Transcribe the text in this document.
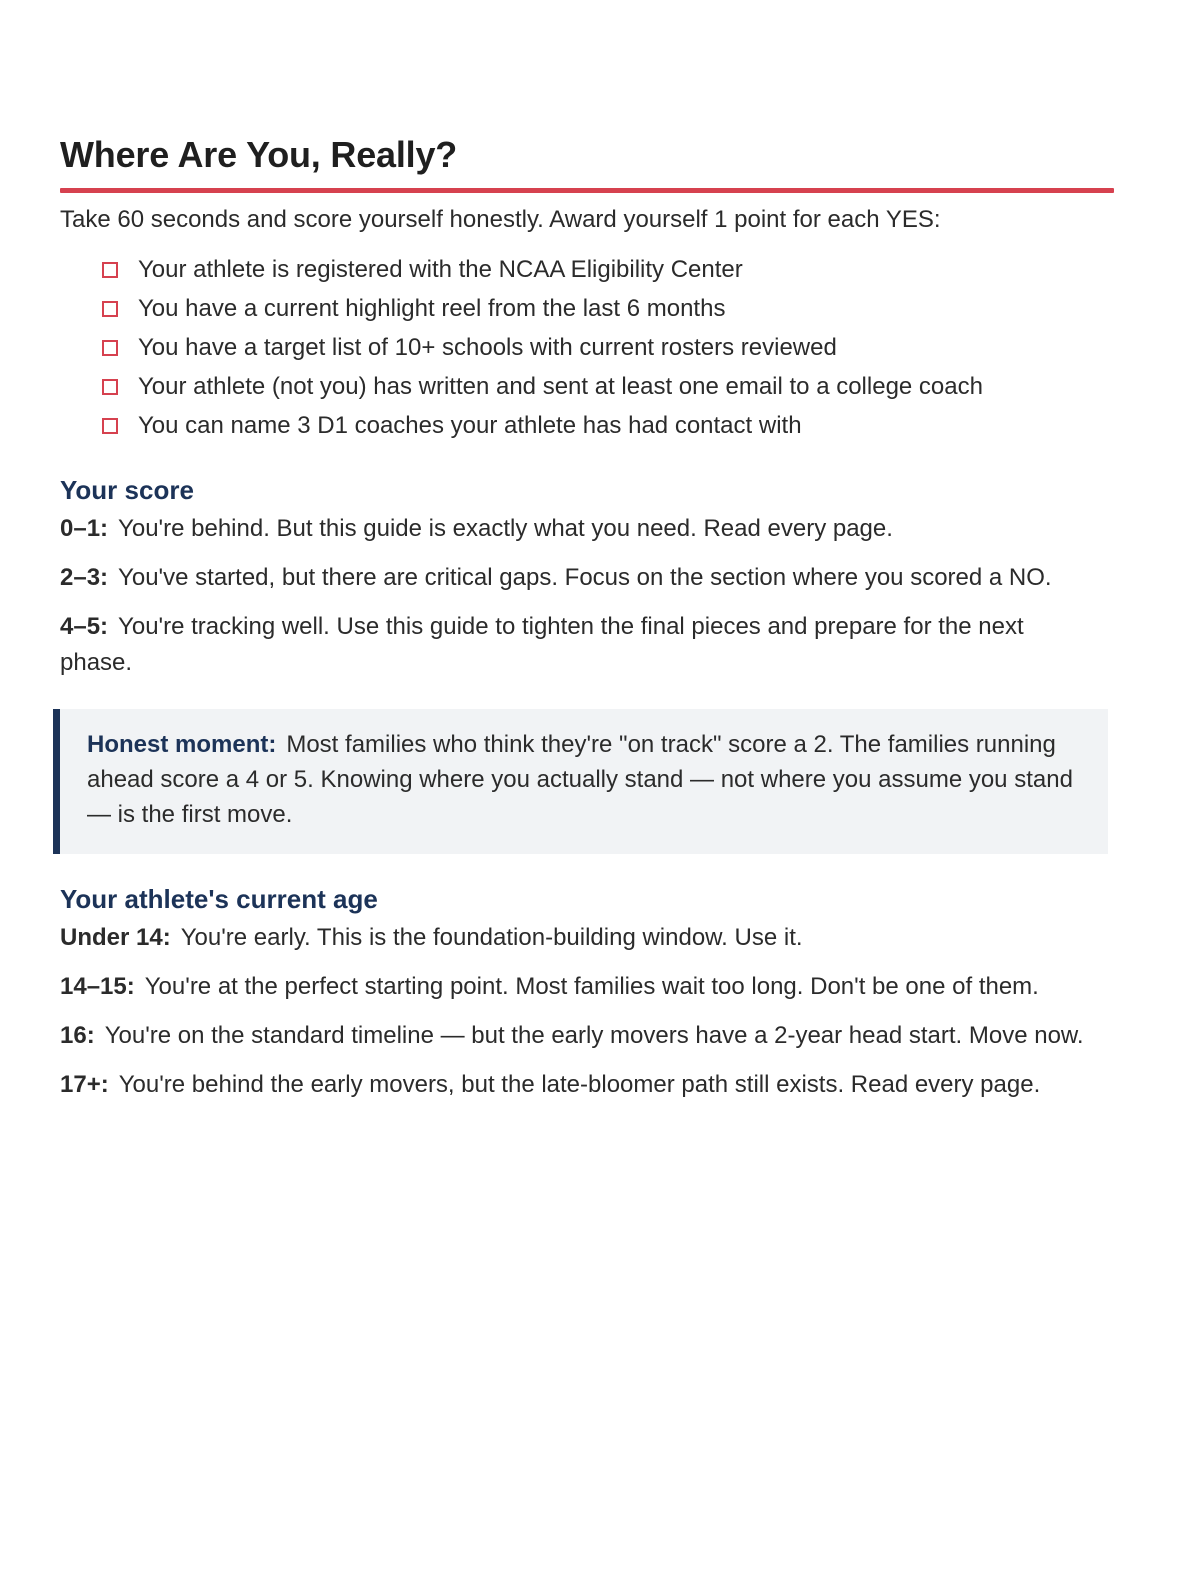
Where Are You, Really?
Take 60 seconds and score yourself honestly. Award yourself 1 point for each YES:
Your athlete is registered with the NCAA Eligibility Center
You have a current highlight reel from the last 6 months
You have a target list of 10+ schools with current rosters reviewed
Your athlete (not you) has written and sent at least one email to a college coach
You can name 3 D1 coaches your athlete has had contact with
Your score

0–1: You're behind. But this guide is exactly what you need. Read every page.

2–3: You've started, but there are critical gaps. Focus on the section where you scored a NO.

4–5: You're tracking well. Use this guide to tighten the final pieces and prepare for the next phase.

Honest moment: Most families who think they're "on track" score a 2. The families running ahead score a 4 or 5. Knowing where you actually stand — not where you assume you stand — is the first move.
Your athlete's current age

Under 14: You're early. This is the foundation-building window. Use it.

14–15: You're at the perfect starting point. Most families wait too long. Don't be one of them.

16: You're on the standard timeline — but the early movers have a 2-year head start. Move now.

17+: You're behind the early movers, but the late-bloomer path still exists. Read every page.
